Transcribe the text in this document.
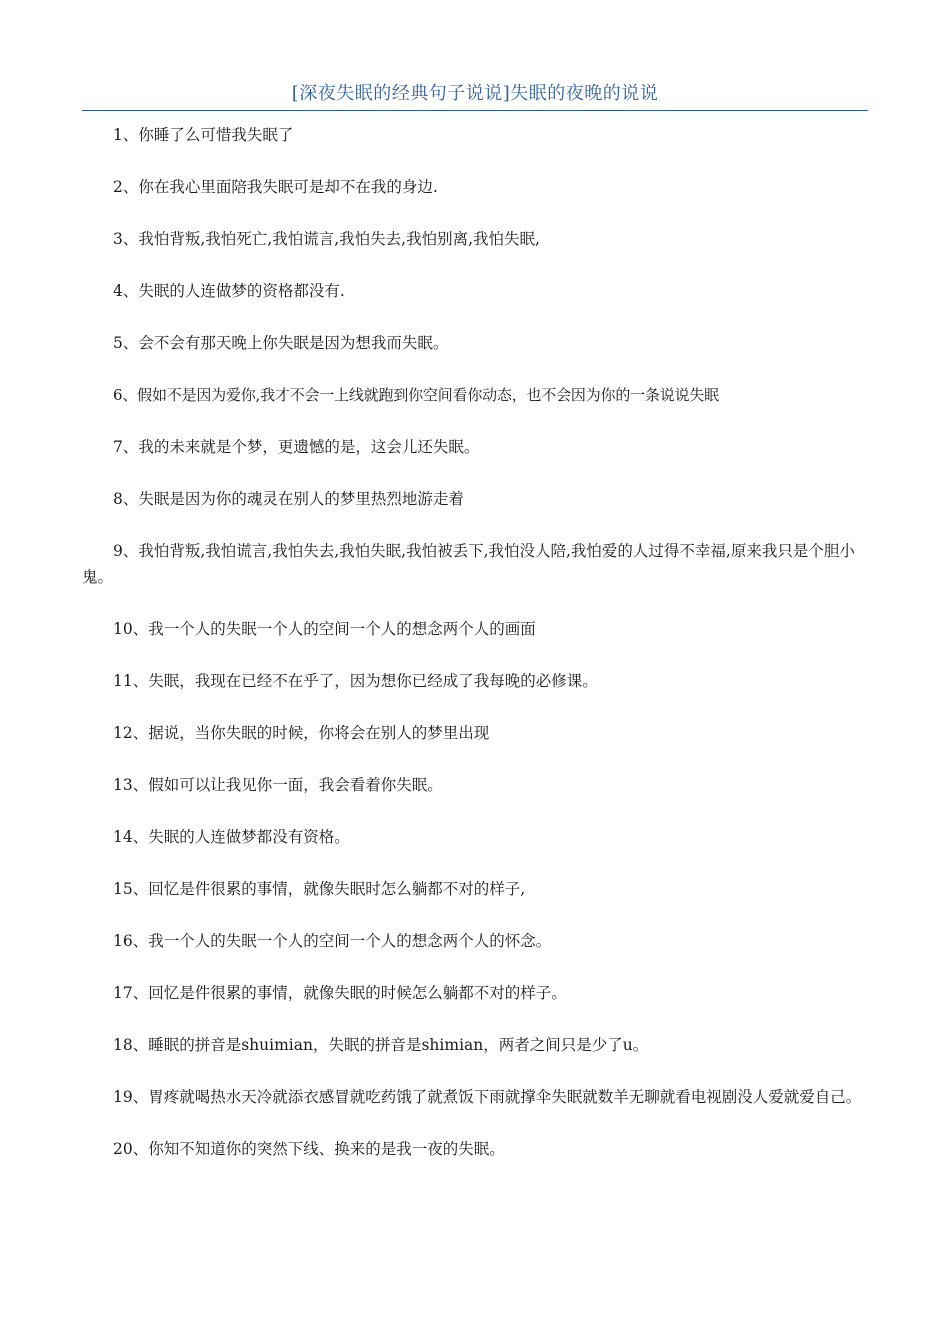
[深夜失眠的经典句子说说]失眠的夜晚的说说

1、你睡了么可惜我失眠了

2、你在我心里面陪我失眠可是却不在我的身边.

3、我怕背叛,我怕死亡,我怕谎言,我怕失去,我怕别离,我怕失眠,

4、失眠的人连做梦的资格都没有.

5、会不会有那天晚上你失眠是因为想我而失眠。

6、假如不是因为爱你,我才不会一上线就跑到你空间看你动态，也不会因为你的一条说说失眠

7、我的未来就是个梦，更遗憾的是，这会儿还失眠。

8、失眠是因为你的魂灵在别人的梦里热烈地游走着

9、我怕背叛,我怕谎言,我怕失去,我怕失眠,我怕被丢下,我怕没人陪,我怕爱的人过得不幸福,原来我只是个胆小鬼。

10、我一个人的失眠一个人的空间一个人的想念两个人的画面

11、失眠，我现在已经不在乎了，因为想你已经成了我每晚的必修课。

12、据说，当你失眠的时候，你将会在别人的梦里出现

13、假如可以让我见你一面，我会看着你失眠。

14、失眠的人连做梦都没有资格。

15、回忆是件很累的事情，就像失眠时怎么躺都不对的样子,

16、我一个人的失眠一个人的空间一个人的想念两个人的怀念。

17、回忆是件很累的事情，就像失眠的时候怎么躺都不对的样子。

18、睡眠的拼音是shuimian，失眠的拼音是shimian，两者之间只是少了u。

19、胃疼就喝热水天冷就添衣感冒就吃药饿了就煮饭下雨就撑伞失眠就数羊无聊就看电视剧没人爱就爱自己。

20、你知不知道你的突然下线、换来的是我一夜的失眠。
